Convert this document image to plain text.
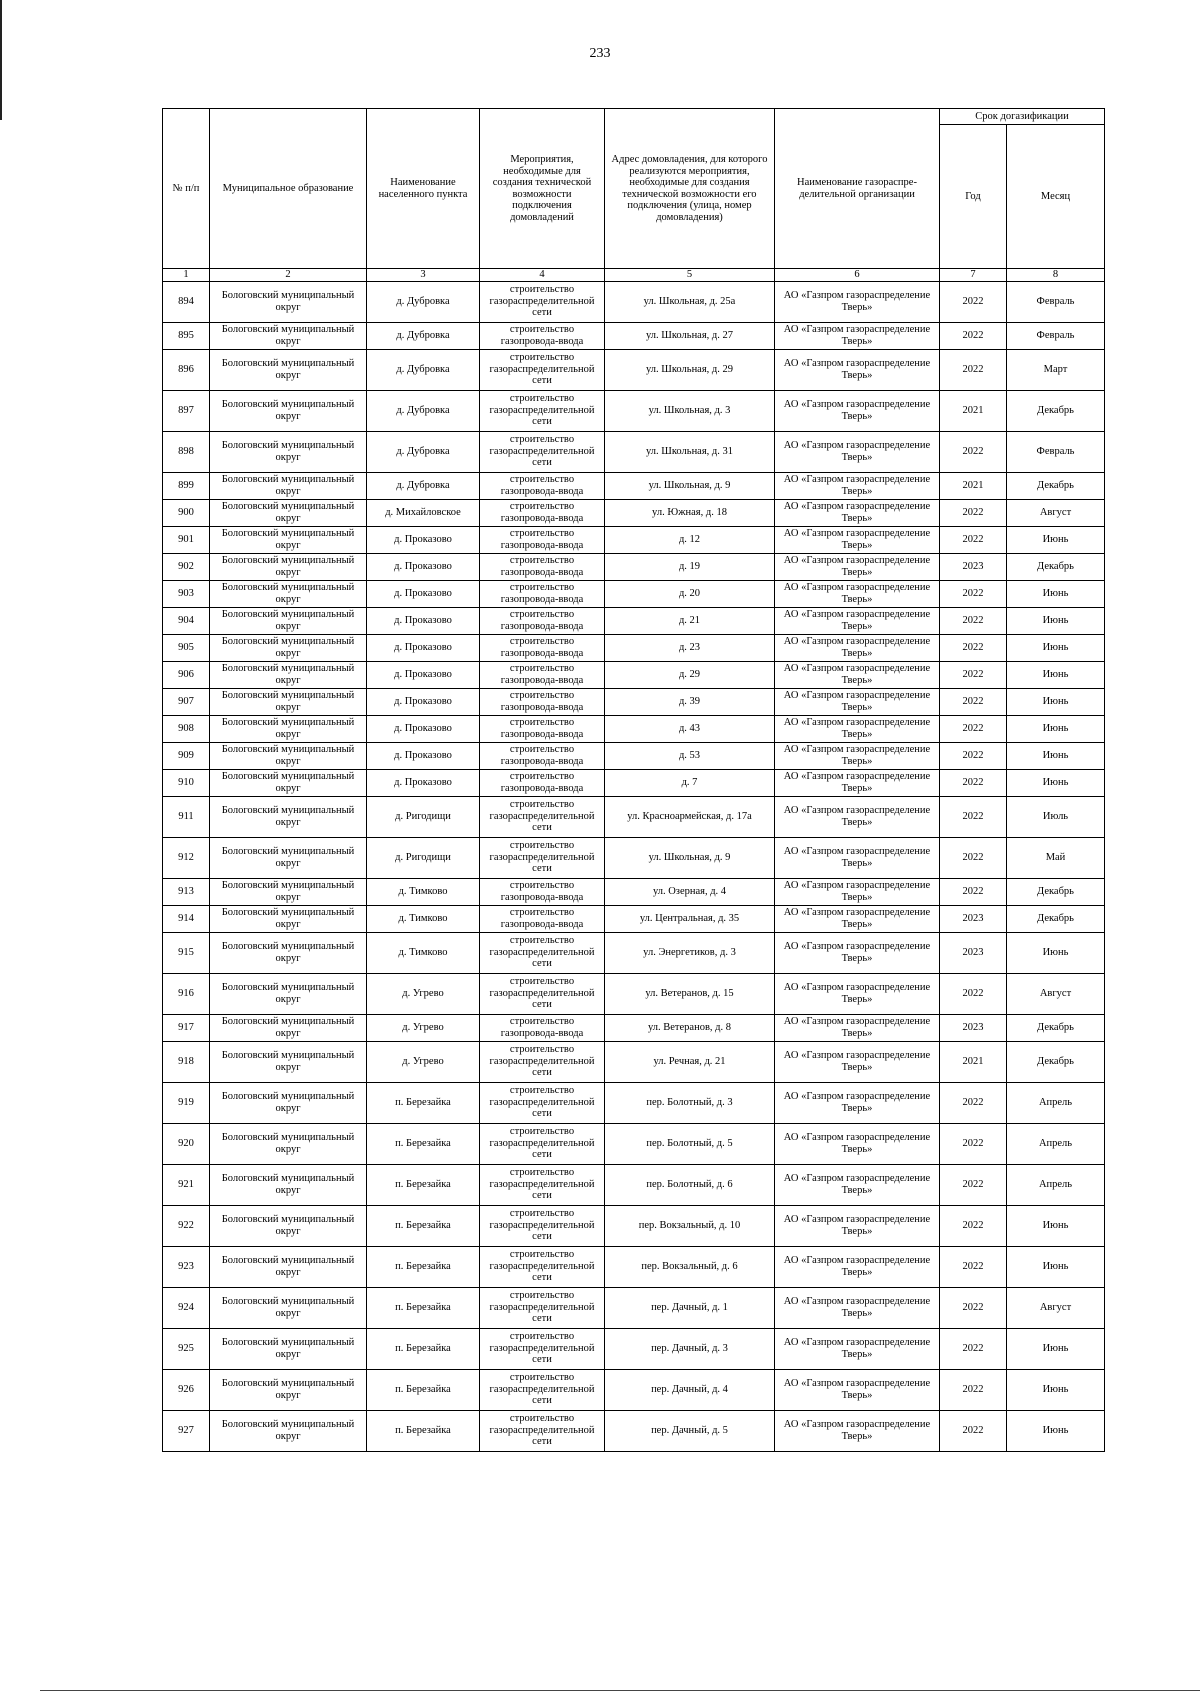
233
№ п/п	Муниципальное образование	Наименование населенного пункта	Мероприятия, необходимые для создания технической возможности подключения домовладений	Адрес домовладения, для которого реализуются мероприятия, необходимые для создания технической возможности его подключения (улица, номер домовладения)	Наименование газораспре-делительной организации	Срок догазификации	
						Год	Месяц
1	2	3	4	5	6	7	8
894	Бологовский муниципальный округ	д. Дубровка	строительство газораспределительной сети	ул. Школьная, д. 25а	АО «Газпром газораспределение Тверь»	2022	Февраль
895	Бологовский муниципальный округ	д. Дубровка	строительство газопровода-ввода	ул. Школьная, д. 27	АО «Газпром газораспределение Тверь»	2022	Февраль
896	Бологовский муниципальный округ	д. Дубровка	строительство газораспределительной сети	ул. Школьная, д. 29	АО «Газпром газораспределение Тверь»	2022	Март
897	Бологовский муниципальный округ	д. Дубровка	строительство газораспределительной сети	ул. Школьная, д. 3	АО «Газпром газораспределение Тверь»	2021	Декабрь
898	Бологовский муниципальный округ	д. Дубровка	строительство газораспределительной сети	ул. Школьная, д. 31	АО «Газпром газораспределение Тверь»	2022	Февраль
899	Бологовский муниципальный округ	д. Дубровка	строительство газопровода-ввода	ул. Школьная, д. 9	АО «Газпром газораспределение Тверь»	2021	Декабрь
900	Бологовский муниципальный округ	д. Михайловское	строительство газопровода-ввода	ул. Южная, д. 18	АО «Газпром газораспределение Тверь»	2022	Август
901	Бологовский муниципальный округ	д. Проказово	строительство газопровода-ввода	д. 12	АО «Газпром газораспределение Тверь»	2022	Июнь
902	Бологовский муниципальный округ	д. Проказово	строительство газопровода-ввода	д. 19	АО «Газпром газораспределение Тверь»	2023	Декабрь
903	Бологовский муниципальный округ	д. Проказово	строительство газопровода-ввода	д. 20	АО «Газпром газораспределение Тверь»	2022	Июнь
904	Бологовский муниципальный округ	д. Проказово	строительство газопровода-ввода	д. 21	АО «Газпром газораспределение Тверь»	2022	Июнь
905	Бологовский муниципальный округ	д. Проказово	строительство газопровода-ввода	д. 23	АО «Газпром газораспределение Тверь»	2022	Июнь
906	Бологовский муниципальный округ	д. Проказово	строительство газопровода-ввода	д. 29	АО «Газпром газораспределение Тверь»	2022	Июнь
907	Бологовский муниципальный округ	д. Проказово	строительство газопровода-ввода	д. 39	АО «Газпром газораспределение Тверь»	2022	Июнь
908	Бологовский муниципальный округ	д. Проказово	строительство газопровода-ввода	д. 43	АО «Газпром газораспределение Тверь»	2022	Июнь
909	Бологовский муниципальный округ	д. Проказово	строительство газопровода-ввода	д. 53	АО «Газпром газораспределение Тверь»	2022	Июнь
910	Бологовский муниципальный округ	д. Проказово	строительство газопровода-ввода	д. 7	АО «Газпром газораспределение Тверь»	2022	Июнь
911	Бологовский муниципальный округ	д. Ригодищи	строительство газораспределительной сети	ул. Красноармейская, д. 17а	АО «Газпром газораспределение Тверь»	2022	Июль
912	Бологовский муниципальный округ	д. Ригодищи	строительство газораспределительной сети	ул. Школьная, д. 9	АО «Газпром газораспределение Тверь»	2022	Май
913	Бологовский муниципальный округ	д. Тимково	строительство газопровода-ввода	ул. Озерная, д. 4	АО «Газпром газораспределение Тверь»	2022	Декабрь
914	Бологовский муниципальный округ	д. Тимково	строительство газопровода-ввода	ул. Центральная, д. 35	АО «Газпром газораспределение Тверь»	2023	Декабрь
915	Бологовский муниципальный округ	д. Тимково	строительство газораспределительной сети	ул. Энергетиков, д. 3	АО «Газпром газораспределение Тверь»	2023	Июнь
916	Бологовский муниципальный округ	д. Угрево	строительство газораспределительной сети	ул. Ветеранов, д. 15	АО «Газпром газораспределение Тверь»	2022	Август
917	Бологовский муниципальный округ	д. Угрево	строительство газопровода-ввода	ул. Ветеранов, д. 8	АО «Газпром газораспределение Тверь»	2023	Декабрь
918	Бологовский муниципальный округ	д. Угрево	строительство газораспределительной сети	ул. Речная, д. 21	АО «Газпром газораспределение Тверь»	2021	Декабрь
919	Бологовский муниципальный округ	п. Березайка	строительство газораспределительной сети	пер. Болотный, д. 3	АО «Газпром газораспределение Тверь»	2022	Апрель
920	Бологовский муниципальный округ	п. Березайка	строительство газораспределительной сети	пер. Болотный, д. 5	АО «Газпром газораспределение Тверь»	2022	Апрель
921	Бологовский муниципальный округ	п. Березайка	строительство газораспределительной сети	пер. Болотный, д. 6	АО «Газпром газораспределение Тверь»	2022	Апрель
922	Бологовский муниципальный округ	п. Березайка	строительство газораспределительной сети	пер. Вокзальный, д. 10	АО «Газпром газораспределение Тверь»	2022	Июнь
923	Бологовский муниципальный округ	п. Березайка	строительство газораспределительной сети	пер. Вокзальный, д. 6	АО «Газпром газораспределение Тверь»	2022	Июнь
924	Бологовский муниципальный округ	п. Березайка	строительство газораспределительной сети	пер. Дачный, д. 1	АО «Газпром газораспределение Тверь»	2022	Август
925	Бологовский муниципальный округ	п. Березайка	строительство газораспределительной сети	пер. Дачный, д. 3	АО «Газпром газораспределение Тверь»	2022	Июнь
926	Бологовский муниципальный округ	п. Березайка	строительство газораспределительной сети	пер. Дачный, д. 4	АО «Газпром газораспределение Тверь»	2022	Июнь
927	Бологовский муниципальный округ	п. Березайка	строительство газораспределительной сети	пер. Дачный, д. 5	АО «Газпром газораспределение Тверь»	2022	Июнь
